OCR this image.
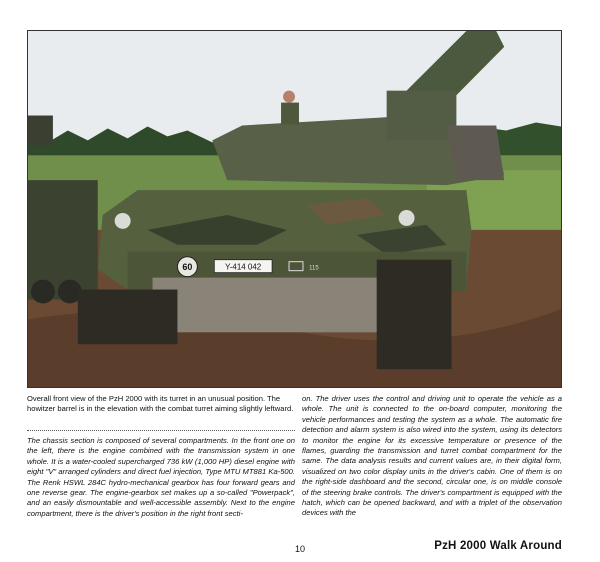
60	Y-414 042	115

Overall front view of the PzH 2000 with its turret in an unusual position. The howitzer barrel is in the elevation with the combat turret aiming slightly leftward.

The chassis section is composed of several compartments. In the front one on the left, there is the engine combined with the transmission system in one whole. It is a water-cooled supercharged 736 kW (1,000 HP) diesel engine with eight "V" arranged cylinders and direct fuel injection, Type MTU MT881 Ka-500. The Renk HSWL 284C hydro-mechanical gearbox has four forward gears and one reverse gear. The engine-gearbox set makes up a so-called "Powerpack", and an easily dismountable and well-accessible assembly. Next to the engine compartment, there is the driver's position in the right front secti-

on. The driver uses the control and driving unit to operate the vehicle as a whole. The unit is connected to the on-board computer, monitoring the vehicle performances and testing the system as a whole. The automatic fire detection and alarm system is also wired into the system, using its detectors to monitor the engine for its excessive temperature or presence of the flames, guarding the transmission and turret combat compartment for the same. The data analysis results and current values are, in their digital form, visualized on two color display units in the driver's cabin. One of them is on the right-side dashboard and the second, circular one, is on middle console of the steering brake controls. The driver's compartment is equipped with the hatch, which can be opened backward, and with a triplet of the observation devices with the

10	PzH 2000 Walk Around
